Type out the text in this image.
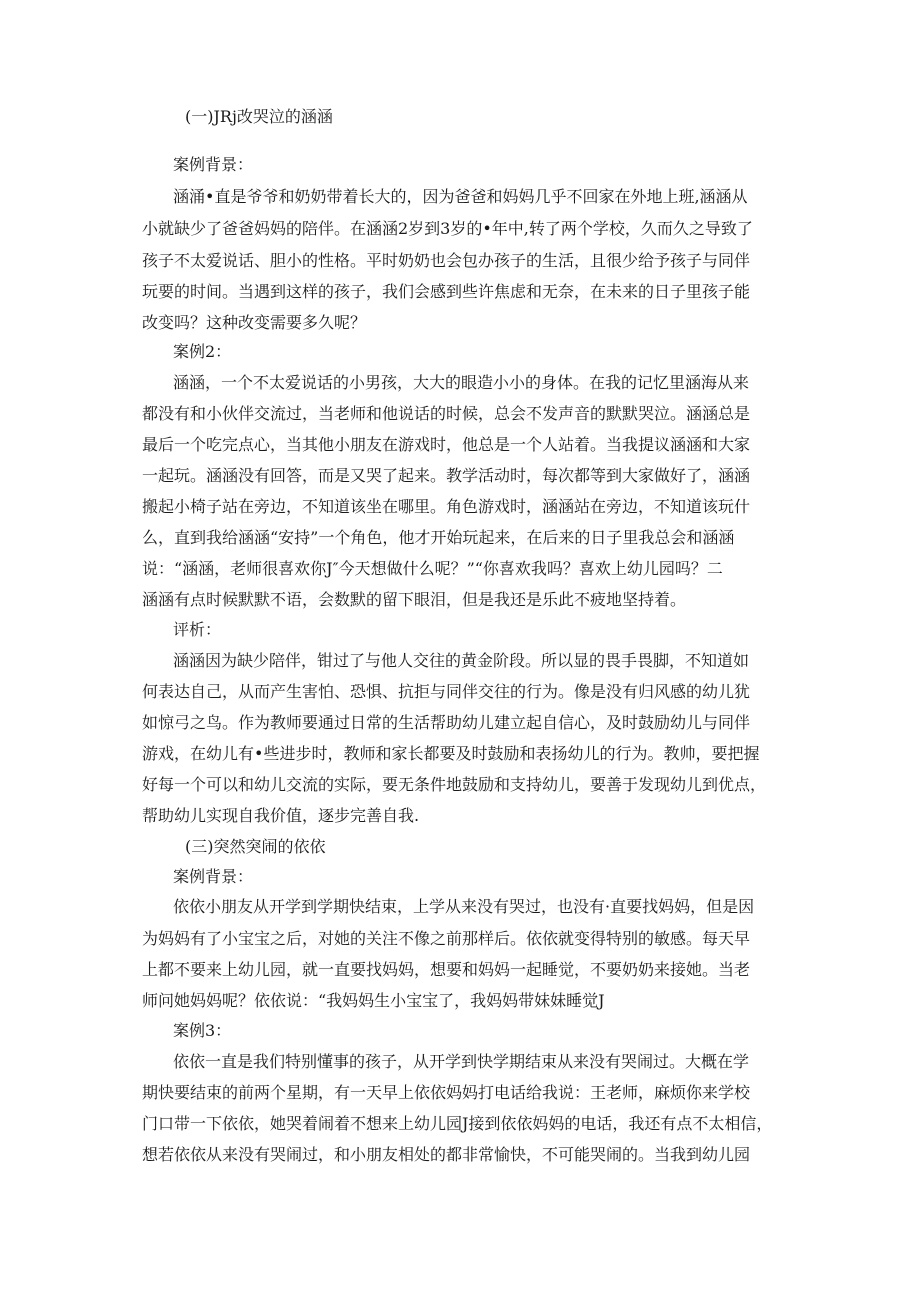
(一)JRj改哭泣的涵涵
案例背景：
涵涌•直是爷爷和奶奶带着长大的，因为爸爸和妈妈几乎不回家在外地上班,涵涵从
小就缺少了爸爸妈妈的陪伴。在涵涵2岁到3岁的•年中,转了两个学校，久而久之导致了
孩子不太爱说话、胆小的性格。平时奶奶也会包办孩子的生活，且很少给予孩子与同伴
玩要的时间。当遇到这样的孩子，我们会感到些许焦虑和无奈，在未来的日子里孩子能
改变吗？这种改变需要多久呢？
案例2：
涵涵，一个不太爱说话的小男孩，大大的眼造小小的身体。在我的记忆里涵海从来
都没有和小伙伴交流过，当老师和他说话的时候，总会不发声音的默默哭泣。涵涵总是
最后一个吃完点心，当其他小朋友在游戏时，他总是一个人站着。当我提议涵涵和大家
一起玩。涵涵没有回答，而是又哭了起来。教学活动时，每次都等到大家做好了，涵涵
搬起小椅子站在旁边，不知道该坐在哪里。角色游戏时，涵涵站在旁边，不知道该玩什
么，直到我给涵涵“安持”一个角色，他才开始玩起来，在后来的日子里我总会和涵涵
说：“涵涵，老师很喜欢你J″今天想做什么呢？”“你喜欢我吗？喜欢上幼儿园吗？二
涵涵有点时候默默不语，会数默的留下眼泪，但是我还是乐此不疲地坚持着。
评析：
涵涵因为缺少陪伴，钳过了与他人交往的黄金阶段。所以显的畏手畏脚，不知道如
何表达自己，从而产生害怕、恐惧、抗拒与同伴交往的行为。像是没有归风感的幼儿犹
如惊弓之鸟。作为教师要通过日常的生活帮助幼儿建立起自信心，及时鼓励幼儿与同伴
游戏，在幼儿有•些进步时，教师和家长都要及时鼓励和表扬幼儿的行为。教帅，要把握
好每一个可以和幼儿交流的实际，要无条件地鼓励和支持幼儿，要善于发现幼儿到优点，
帮助幼儿实现自我价值，逐步完善自我.
(三)突然突闹的依依
案例背景：
依依小朋友从开学到学期快结束，上学从来没有哭过，也没有·直要找妈妈，但是因
为妈妈有了小宝宝之后，对她的关注不像之前那样后。依依就变得特别的敏感。每天早
上都不要来上幼儿园，就一直要找妈妈，想要和妈妈一起睡觉，不要奶奶来接她。当老
师问她妈妈呢？依依说：“我妈妈生小宝宝了，我妈妈带妹妹睡觉J
案例3：
依依一直是我们特别懂事的孩子，从开学到快学期结束从来没有哭闹过。大概在学
期快要结束的前两个星期，有一天早上依依妈妈打电话给我说：王老师，麻烦你来学校
门口带一下依依，她哭着闹着不想来上幼儿园J接到依依妈妈的电话，我还有点不太相信，
想若依依从来没有哭闹过，和小朋友相处的都非常愉快，不可能哭闹的。当我到幼儿园
